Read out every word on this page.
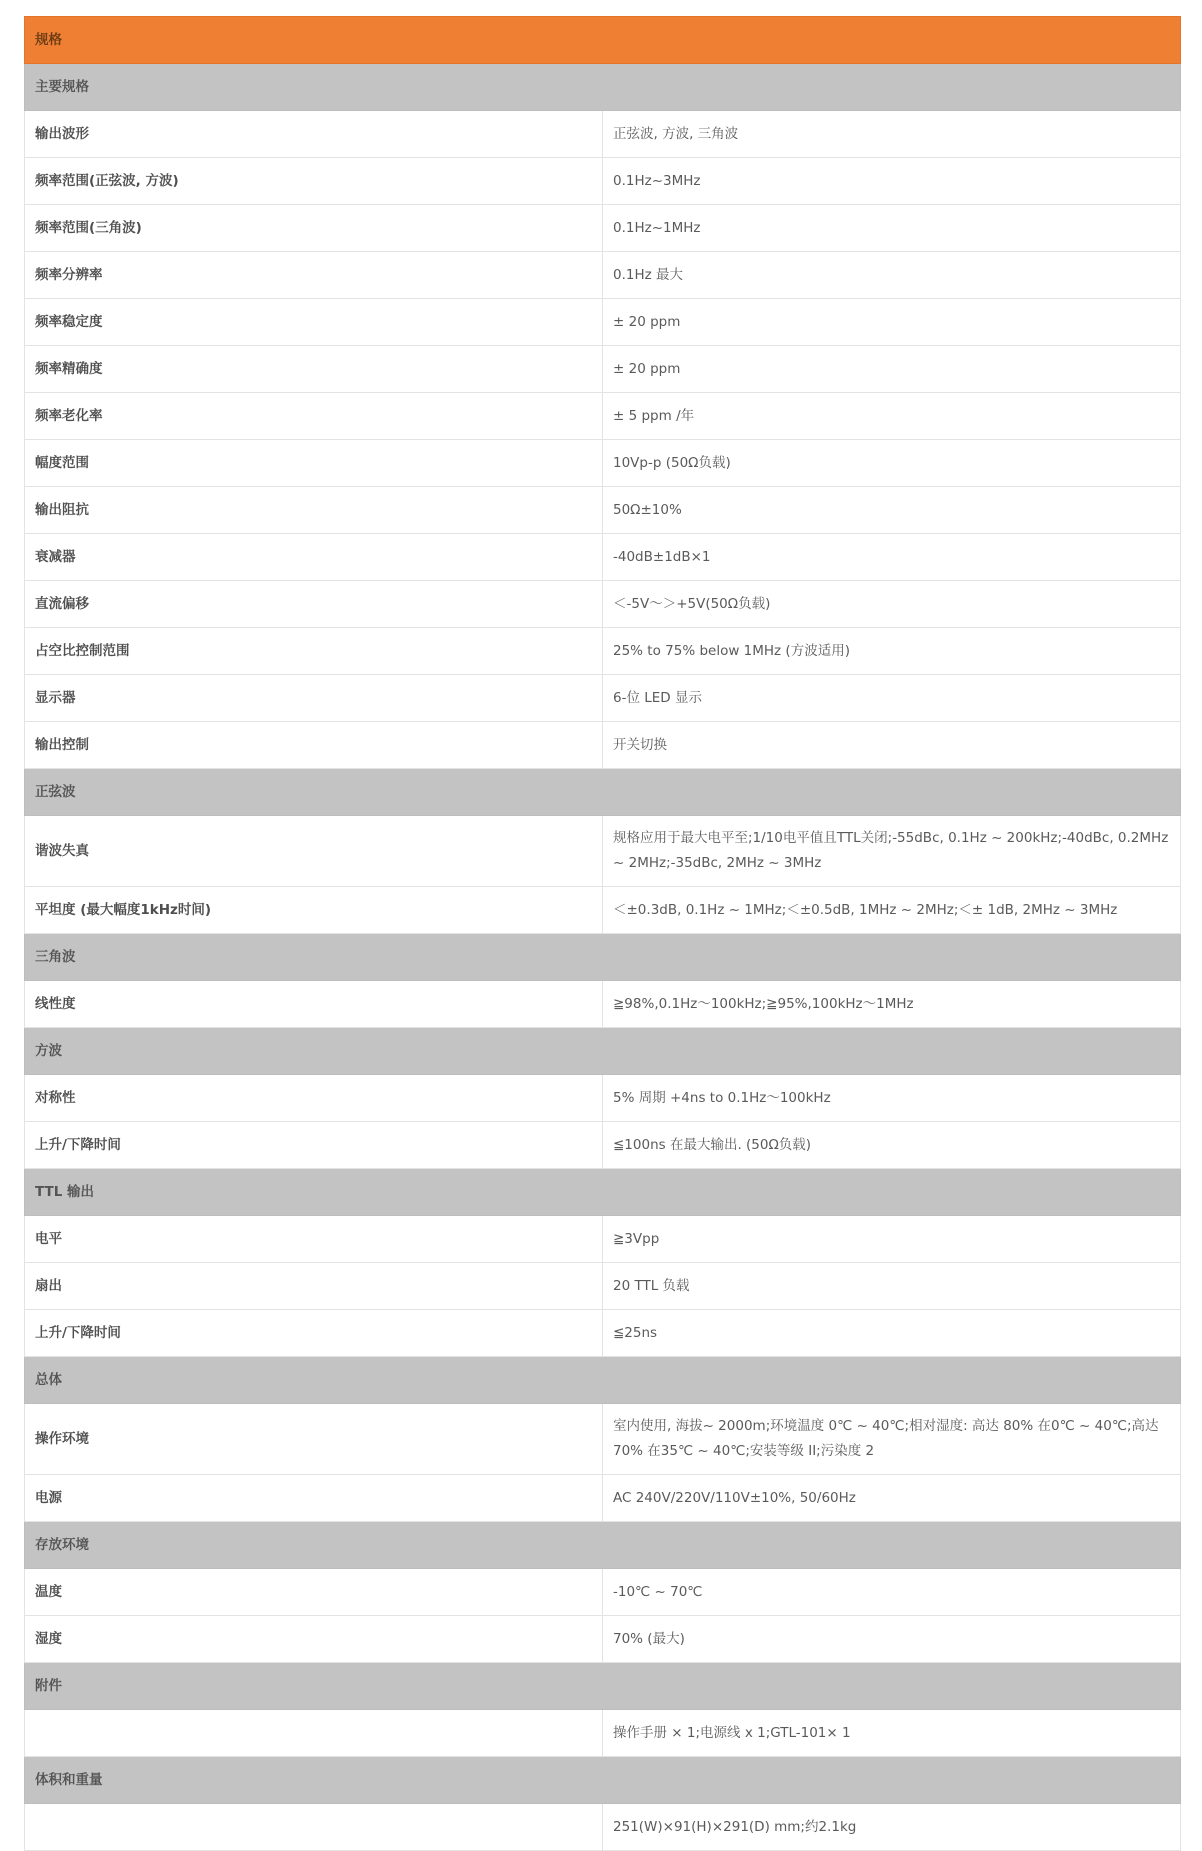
规格	
主要规格	
输出波形	正弦波, 方波, 三角波
频率范围(正弦波, 方波)	0.1Hz~3MHz
频率范围(三角波)	0.1Hz~1MHz
频率分辨率	0.1Hz 最大
频率稳定度	± 20 ppm
频率精确度	± 20 ppm
频率老化率	± 5 ppm /年
幅度范围	10Vp-p (50Ω负载)
输出阻抗	50Ω±10%
衰减器	-40dB±1dB×1
直流偏移	＜-5V～＞+5V(50Ω负载)
占空比控制范围	25% to 75% below 1MHz (方波适用)
显示器	6-位 LED 显示
输出控制	开关切换
正弦波	
谐波失真	规格应用于最大电平至;1/10电平值且TTL关闭;-55dBc, 0.1Hz ~ 200kHz;-40dBc, 0.2MHz ~ 2MHz;-35dBc, 2MHz ~ 3MHz
平坦度 (最大幅度1kHz时间)	＜±0.3dB, 0.1Hz ~ 1MHz;＜±0.5dB, 1MHz ~ 2MHz;＜± 1dB, 2MHz ~ 3MHz
三角波	
线性度	≧98%,0.1Hz～100kHz;≧95%,100kHz～1MHz
方波	
对称性	5% 周期 +4ns to 0.1Hz～100kHz
上升/下降时间	≦100ns 在最大输出. (50Ω负载)
TTL 输出	
电平	≧3Vpp
扇出	20 TTL 负载
上升/下降时间	≦25ns
总体	
操作环境	室内使用, 海拔~ 2000m;环境温度 0℃ ~ 40℃;相对湿度: 高达 80% 在0℃ ~ 40℃;高达70% 在35℃ ~ 40℃;安装等级 II;污染度 2
电源	AC 240V/220V/110V±10%, 50/60Hz
存放环境	
温度	-10℃ ~ 70℃
湿度	70% (最大)
附件	
	操作手册 × 1;电源线 x 1;GTL-101× 1
体积和重量	
	251(W)×91(H)×291(D) mm;约2.1kg
